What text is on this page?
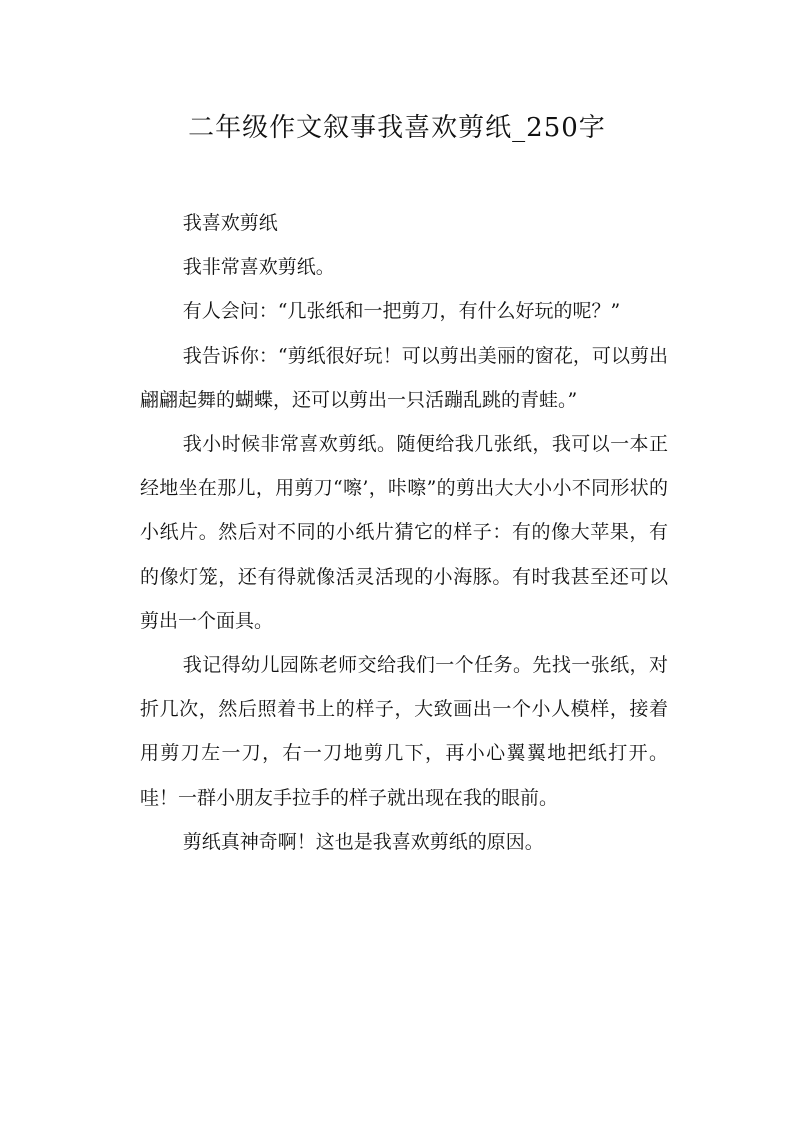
二年级作文叙事我喜欢剪纸_250字

我喜欢剪纸

我非常喜欢剪纸。

有人会问：“几张纸和一把剪刀，有什么好玩的呢？”

我告诉你：“剪纸很好玩！可以剪出美丽的窗花，可以剪出翩翩起舞的蝴蝶，还可以剪出一只活蹦乱跳的青蛙。”

我小时候非常喜欢剪纸。随便给我几张纸，我可以一本正经地坐在那儿，用剪刀“嚓’，咔嚓”的剪出大大小小不同形状的小纸片。然后对不同的小纸片猜它的样子：有的像大苹果，有的像灯笼，还有得就像活灵活现的小海豚。有时我甚至还可以剪出一个面具。

我记得幼儿园陈老师交给我们一个任务。先找一张纸，对折几次，然后照着书上的样子，大致画出一个小人模样，接着用剪刀左一刀，右一刀地剪几下，再小心翼翼地把纸打开。哇！一群小朋友手拉手的样子就出现在我的眼前。

剪纸真神奇啊！这也是我喜欢剪纸的原因。
